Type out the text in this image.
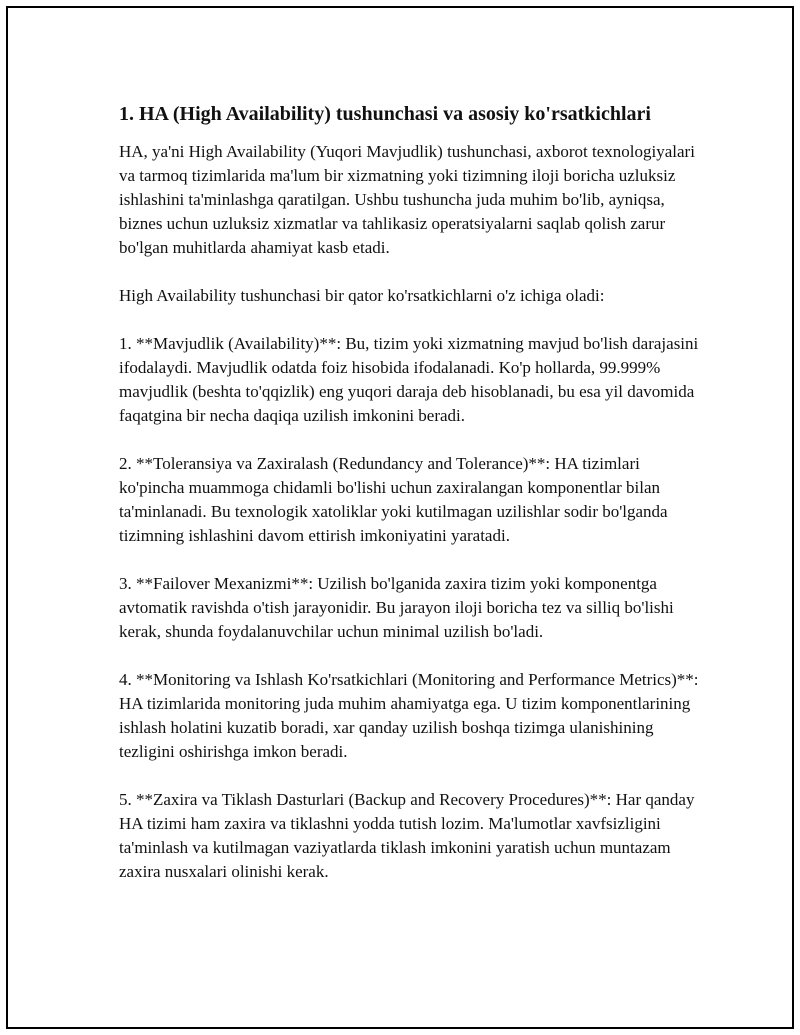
1. HA (High Availability) tushunchasi va asosiy ko'rsatkichlari

HA, ya'ni High Availability (Yuqori Mavjudlik) tushunchasi, axborot texnologiyalari va tarmoq tizimlarida ma'lum bir xizmatning yoki tizimning iloji boricha uzluksiz ishlashini ta'minlashga qaratilgan. Ushbu tushuncha juda muhim bo'lib, ayniqsa, biznes uchun uzluksiz xizmatlar va tahlikasiz operatsiyalarni saqlab qolish zarur bo'lgan muhitlarda ahamiyat kasb etadi.

High Availability tushunchasi bir qator ko'rsatkichlarni o'z ichiga oladi:

1. **Mavjudlik (Availability)**: Bu, tizim yoki xizmatning mavjud bo'lish darajasini ifodalaydi. Mavjudlik odatda foiz hisobida ifodalanadi. Ko'p hollarda, 99.999% mavjudlik (beshta to'qqizlik) eng yuqori daraja deb hisoblanadi, bu esa yil davomida faqatgina bir necha daqiqa uzilish imkonini beradi.

2. **Toleransiya va Zaxiralash (Redundancy and Tolerance)**: HA tizimlari ko'pincha muammoga chidamli bo'lishi uchun zaxiralangan komponentlar bilan ta'minlanadi. Bu texnologik xatoliklar yoki kutilmagan uzilishlar sodir bo'lganda tizimning ishlashini davom ettirish imkoniyatini yaratadi.

3. **Failover Mexanizmi**: Uzilish bo'lganida zaxira tizim yoki komponentga avtomatik ravishda o'tish jarayonidir. Bu jarayon iloji boricha tez va silliq bo'lishi kerak, shunda foydalanuvchilar uchun minimal uzilish bo'ladi.

4. **Monitoring va Ishlash Ko'rsatkichlari (Monitoring and Performance Metrics)**: HA tizimlarida monitoring juda muhim ahamiyatga ega. U tizim komponentlarining ishlash holatini kuzatib boradi, xar qanday uzilish boshqa tizimga ulanishining tezligini oshirishga imkon beradi.

5. **Zaxira va Tiklash Dasturlari (Backup and Recovery Procedures)**: Har qanday HA tizimi ham zaxira va tiklashni yodda tutish lozim. Ma'lumotlar xavfsizligini ta'minlash va kutilmagan vaziyatlarda tiklash imkonini yaratish uchun muntazam zaxira nusxalari olinishi kerak.
